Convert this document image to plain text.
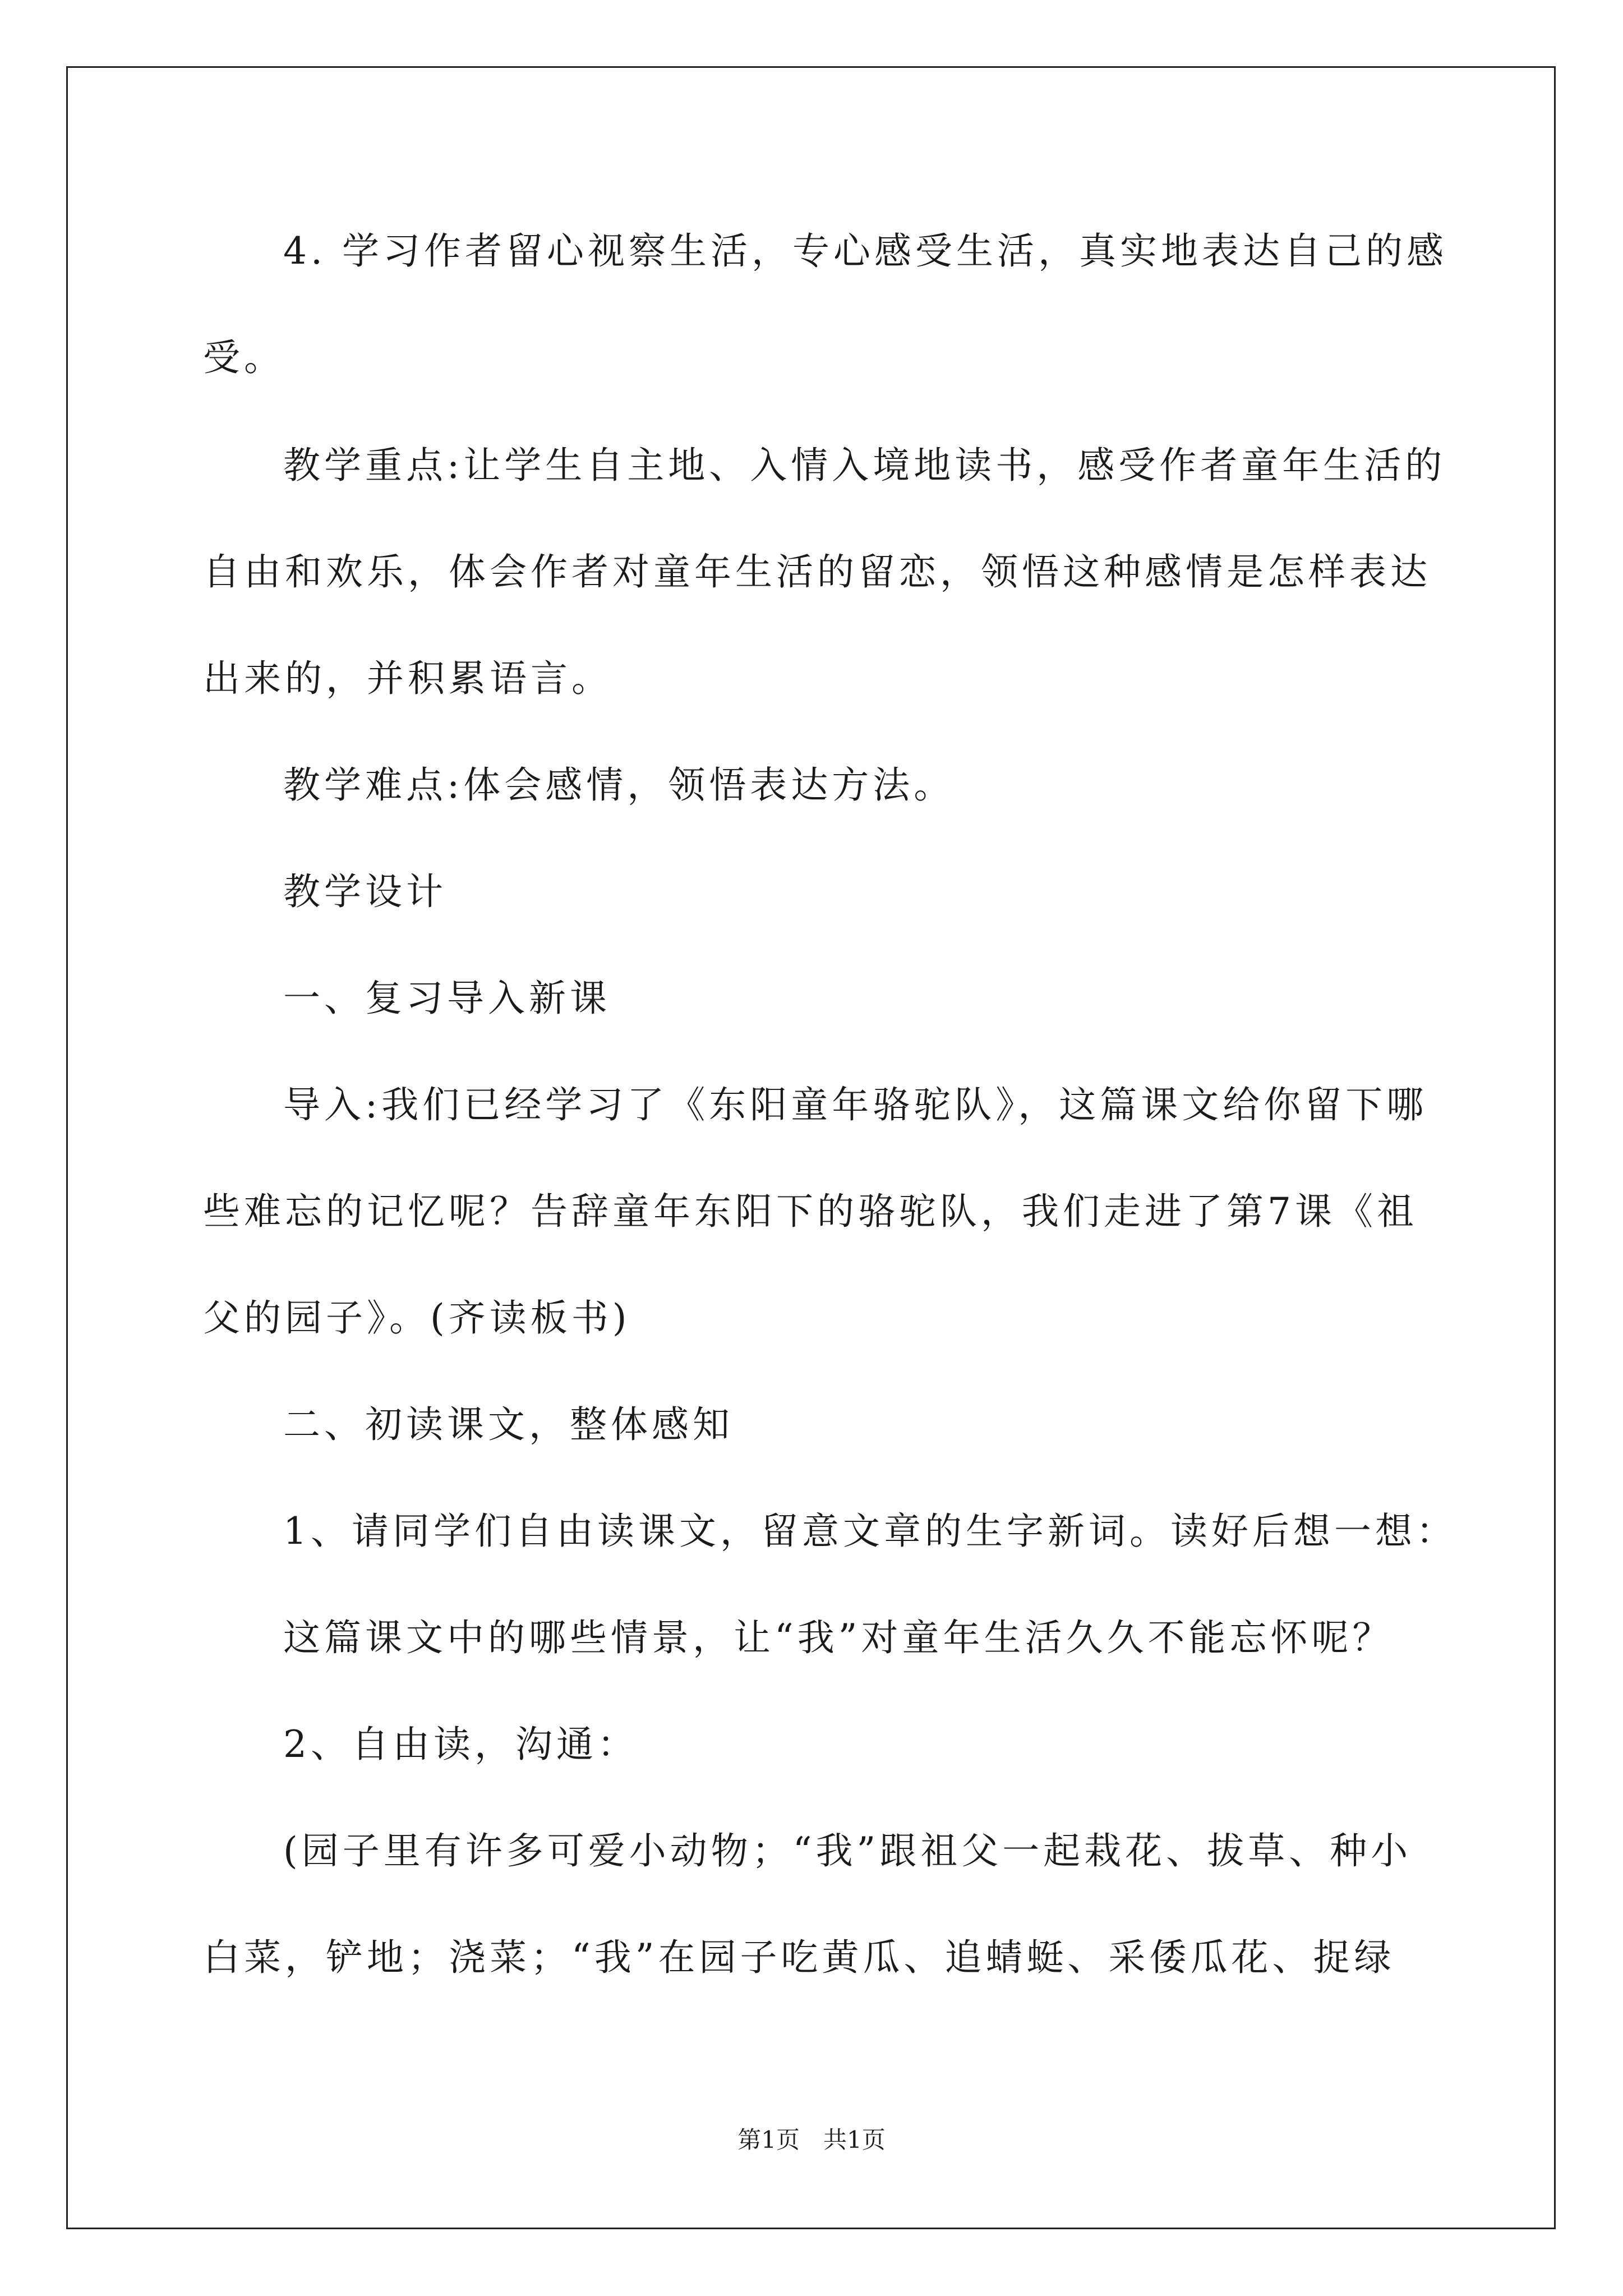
4. 学习作者留心视察生活，专心感受生活，真实地表达自己的感
受。
教学重点:让学生自主地、入情入境地读书，感受作者童年生活的
自由和欢乐，体会作者对童年生活的留恋，领悟这种感情是怎样表达
出来的，并积累语言。
教学难点:体会感情，领悟表达方法。
教学设计
一、复习导入新课
导入:我们已经学习了《东阳童年骆驼队》，这篇课文给你留下哪
些难忘的记忆呢？告辞童年东阳下的骆驼队，我们走进了第7课《祖
父的园子》。(齐读板书)
二、初读课文，整体感知
1、请同学们自由读课文，留意文章的生字新词。读好后想一想：
这篇课文中的哪些情景，让“我”对童年生活久久不能忘怀呢？
2、自由读，沟通：
(园子里有许多可爱小动物；“我”跟祖父一起栽花、拔草、种小
白菜，铲地；浇菜；“我”在园子吃黄瓜、追蜻蜓、采倭瓜花、捉绿
第1页　共1页
